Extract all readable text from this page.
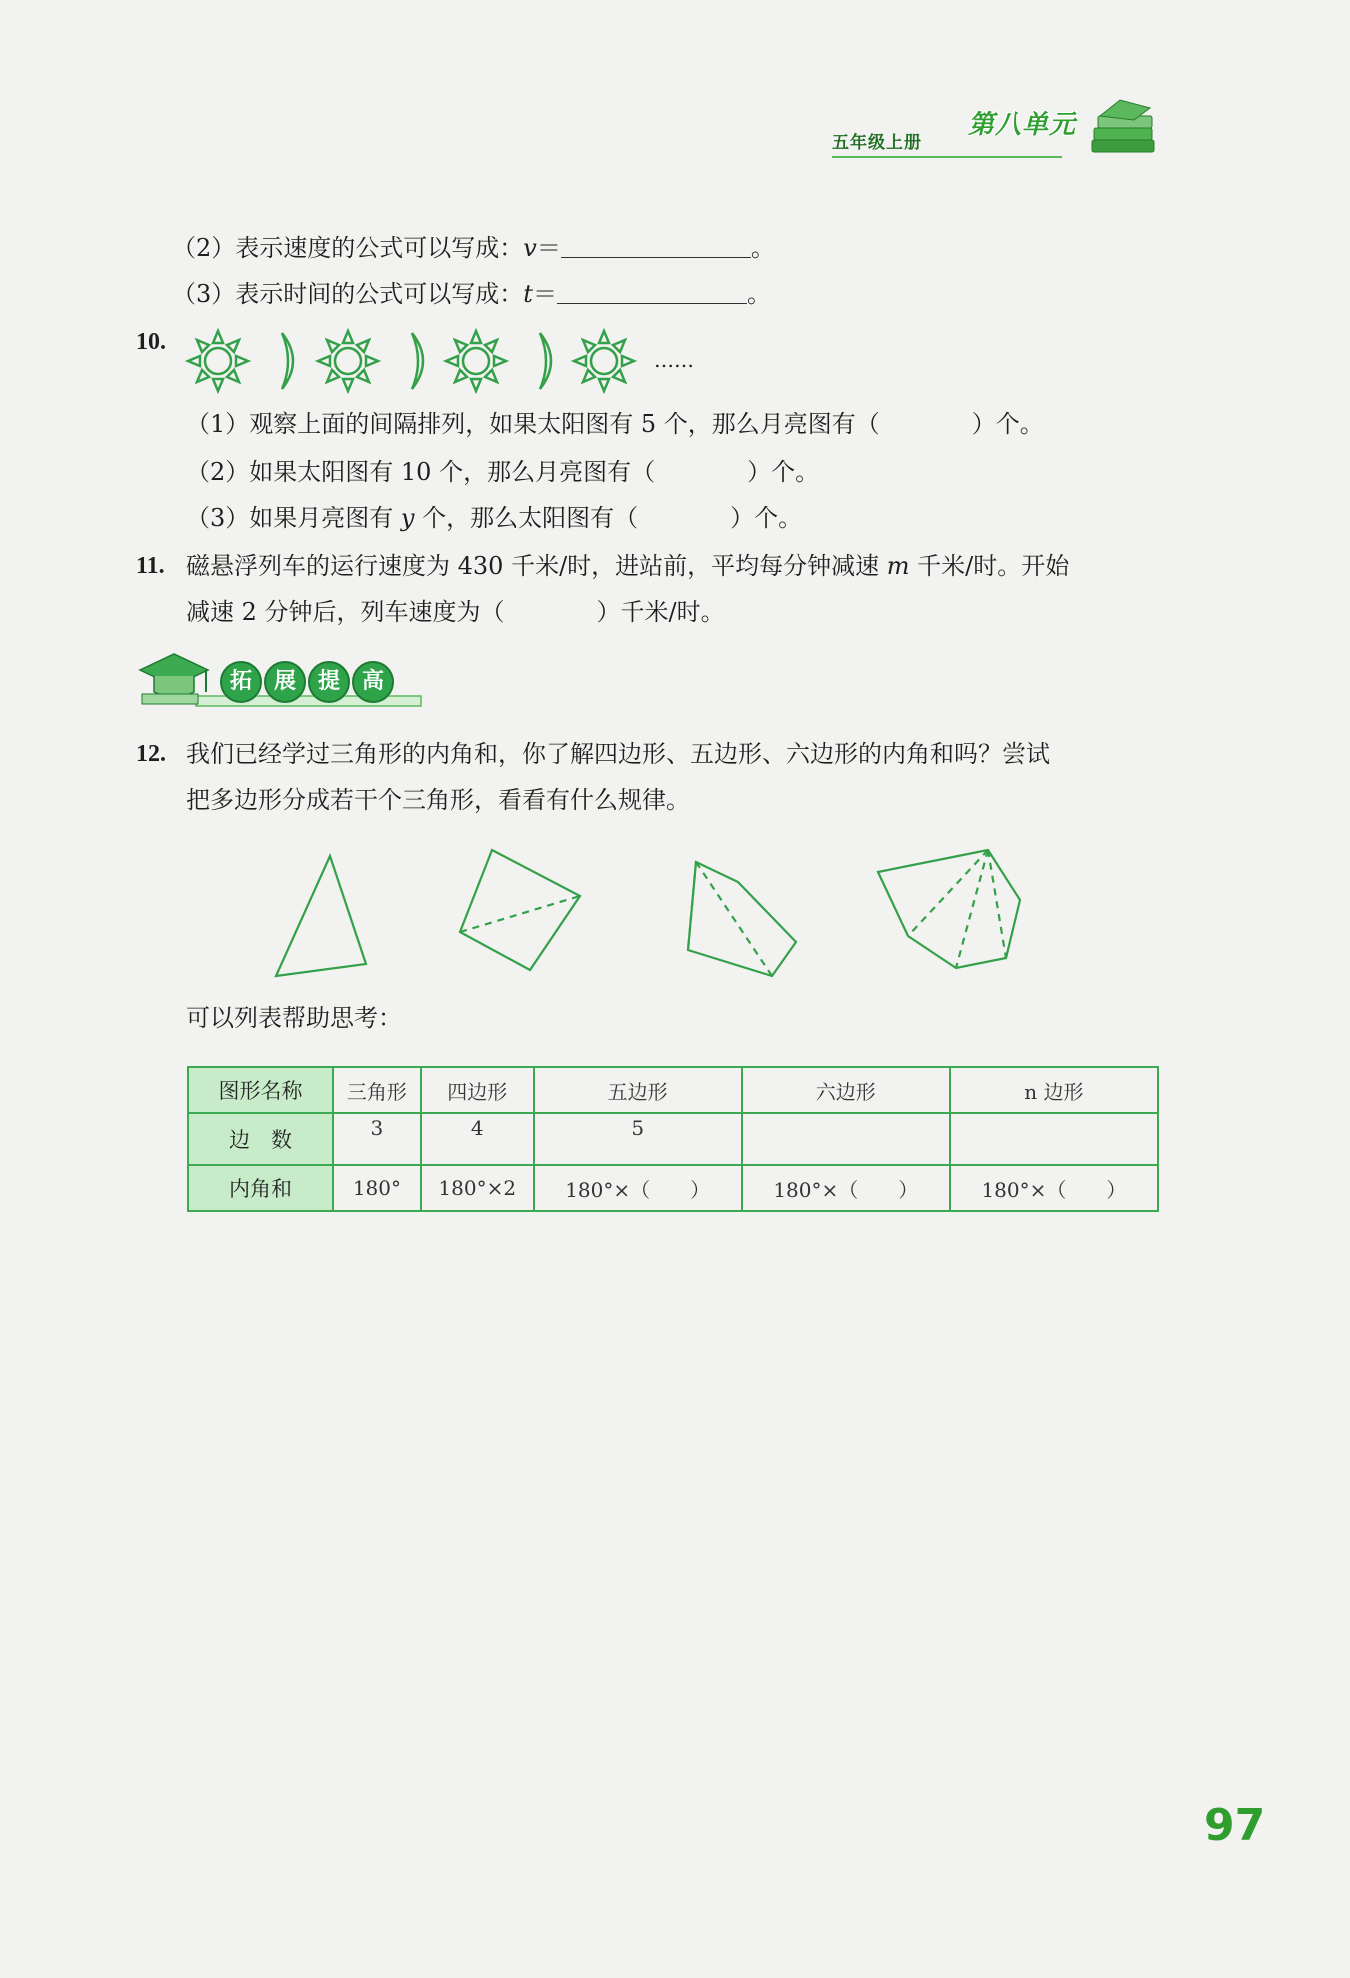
第八单元
五年级上册
（2）表示速度的公式可以写成：v＝	。
（3）表示时间的公式可以写成：t＝	。
10.
……
（1）观察上面的间隔排列，如果太阳图有 5 个，那么月亮图有（	）个。
（2）如果太阳图有 10 个，那么月亮图有（	）个。
（3）如果月亮图有 y 个，那么太阳图有（	）个。
11. 磁悬浮列车的运行速度为 430 千米/时，进站前，平均每分钟减速 m 千米/时。开始
减速 2 分钟后，列车速度为（	）千米/时。
拓 展 提 高
12. 我们已经学过三角形的内角和，你了解四边形、五边形、六边形的内角和吗？尝试
把多边形分成若干个三角形，看看有什么规律。
可以列表帮助思考：
图形名称	三角形	四边形	五边形	六边形	n 边形
边　数	3	4	5		
内角和	180°	180°×2	180°×（　　）	180°×（　　）	180°×（　　）
97
